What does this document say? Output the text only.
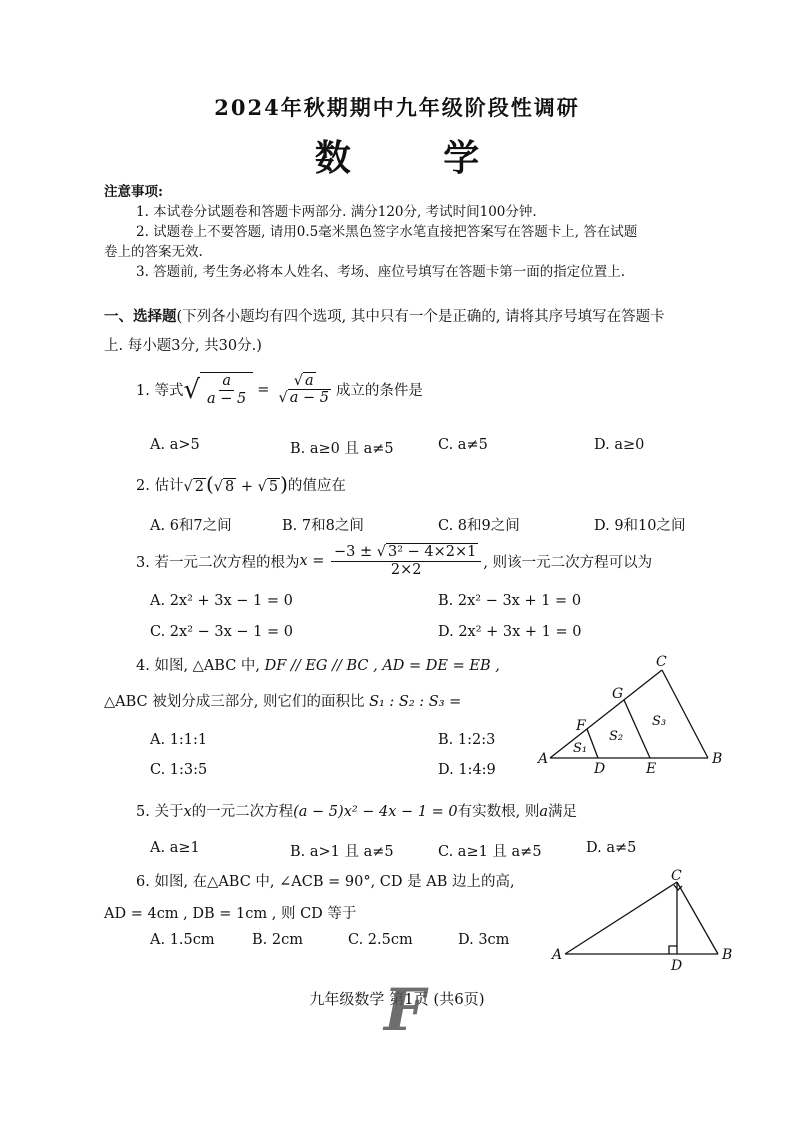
2024年秋期期中九年级阶段性调研
数 学
注意事项:
1. 本试卷分试题卷和答题卡两部分. 满分120分, 考试时间100分钟.
2. 试题卷上不要答题, 请用0.5毫米黑色签字水笔直接把答案写在答题卡上, 答在试题
卷上的答案无效.
3. 答题前, 考生务必将本人姓名、考场、座位号填写在答题卡第一面的指定位置上.
一、选择题(下列各小题均有四个选项, 其中只有一个是正确的, 请将其序号填写在答题卡
上. 每小题3分, 共30分.)
1. 等式 √ $\frac{a}{a - 5} = \frac{√ a}{√ a - 5}$ 成立的条件是
A. a>5	B. a≥0 且 a≠5	C. a≠5	D. a≥0
2. 估计 √ 2 (√ 8 + √ 5 ) 的值应在
A. 6和7之间	B. 7和8之间	C. 8和9之间	D. 9和10之间
3. 若一元二次方程的根为 $x = \frac{\text{−3 ± √ 3² − 4×2×1}}{2\times 2}$ , 则该一元二次方程可以为
A. 2x² + 3x − 1 = 0	B. 2x² − 3x + 1 = 0
C. 2x² − 3x − 1 = 0	D. 2x² + 3x + 1 = 0
4. 如图, △ABC 中, DF // EG // BC , AD = DE = EB ,
△ABC 被划分成三部分, 则它们的面积比 S₁ : S₂ : S₃ =
A. 1:1:1	B. 1:2:3
C. 1:3:5	D. 1:4:9
A	B
C
D	E
F
G
S₁
S₂
S₃
5. 关于x的一元二次方程(a − 5)x² − 4x − 1 = 0有实数根, 则a满足
A. a≥1	B. a>1 且 a≠5	C. a≥1 且 a≠5	D. a≠5
6. 如图, 在△ABC 中, ∠ACB = 90°, CD 是 AB 边上的高,
AD = 4cm , DB = 1cm , 则 CD 等于
A. 1.5cm	B. 2cm	C. 2.5cm	D. 3cm
A	B
C
D
九年级数学 第1页 (共6页)
F
